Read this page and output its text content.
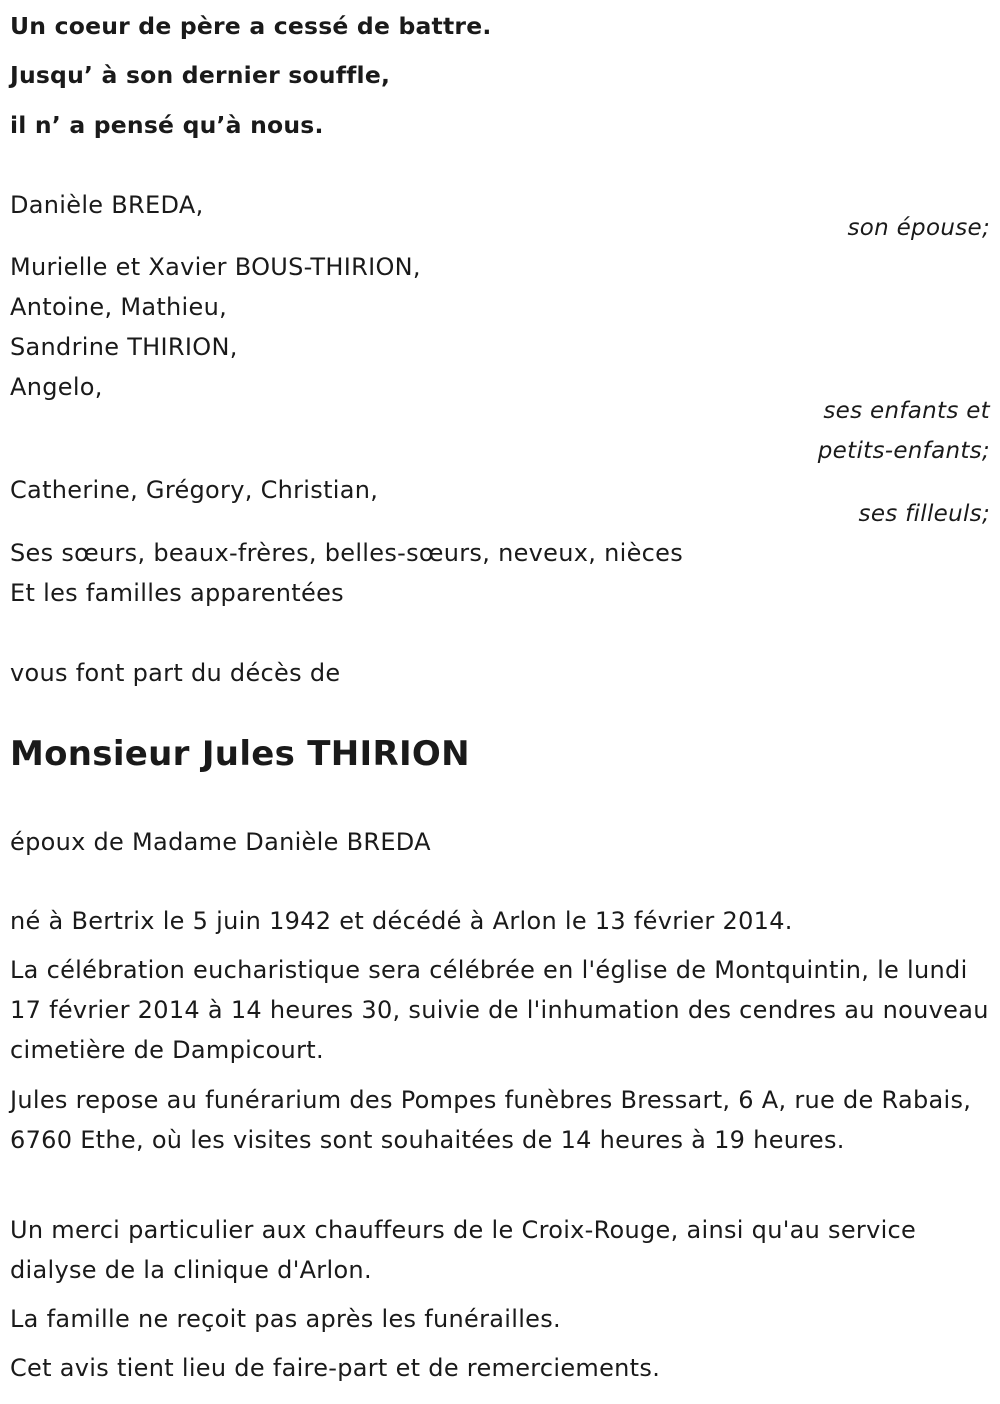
Un coeur de père a cessé de battre.
Jusqu’ à son dernier souffle,
il n’ a pensé qu’à nous.
Danièle BREDA,
son épouse;
Murielle et Xavier BOUS-THIRION,
Antoine, Mathieu,
Sandrine THIRION,
Angelo,
ses enfants et
petits-enfants;
Catherine, Grégory, Christian,
ses filleuls;
Ses sœurs, beaux-frères, belles-sœurs, neveux, nièces
Et les familles apparentées
vous font part du décès de
Monsieur Jules THIRION
époux de Madame Danièle BREDA
né à Bertrix le 5 juin 1942 et décédé à Arlon le 13 février 2014.
La célébration eucharistique sera célébrée en l'église de Montquintin, le lundi 17 février 2014 à 14 heures 30, suivie de l'inhumation des cendres au nouveau cimetière de Dampicourt.
Jules repose au funérarium des Pompes funèbres Bressart, 6 A, rue de Rabais, 6760 Ethe, où les visites sont souhaitées de 14 heures à 19 heures.
Un merci particulier aux chauffeurs de le Croix-Rouge, ainsi qu'au service dialyse de la clinique d'Arlon.
La famille ne reçoit pas après les funérailles.
Cet avis tient lieu de faire-part et de remerciements.
